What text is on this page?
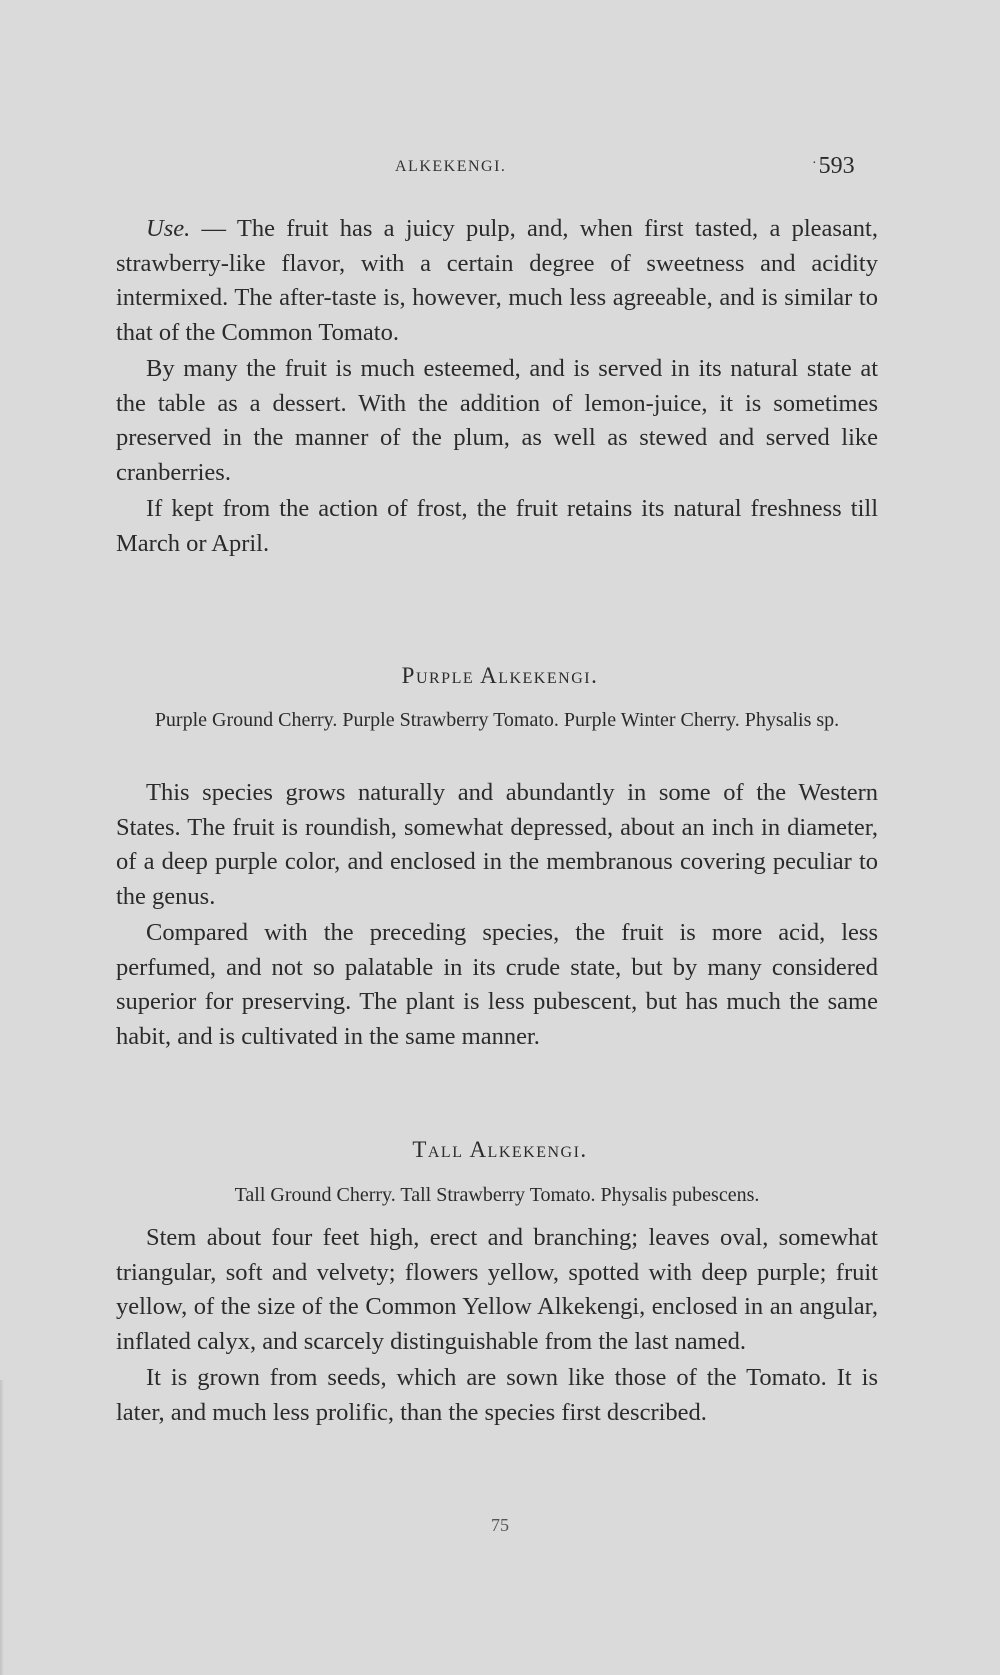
ALKEKENGI.	·593

Use. — The fruit has a juicy pulp, and, when first tasted, a pleasant, strawberry-like flavor, with a certain degree of sweetness and acidity intermixed. The after-taste is, however, much less agreeable, and is similar to that of the Common Tomato.

By many the fruit is much esteemed, and is served in its natural state at the table as a dessert. With the addition of lemon-juice, it is sometimes preserved in the manner of the plum, as well as stewed and served like cranberries.

If kept from the action of frost, the fruit retains its natural freshness till March or April.

Purple Alkekengi.
Purple Ground Cherry. Purple Strawberry Tomato. Purple Winter Cherry. Physalis sp.

This species grows naturally and abundantly in some of the Western States. The fruit is roundish, somewhat depressed, about an inch in diameter, of a deep purple color, and enclosed in the membranous covering peculiar to the genus.

Compared with the preceding species, the fruit is more acid, less perfumed, and not so palatable in its crude state, but by many considered superior for preserving. The plant is less pubescent, but has much the same habit, and is cultivated in the same manner.

Tall Alkekengi.
Tall Ground Cherry. Tall Strawberry Tomato. Physalis pubescens.

Stem about four feet high, erect and branching; leaves oval, somewhat triangular, soft and velvety; flowers yellow, spotted with deep purple; fruit yellow, of the size of the Common Yellow Alkekengi, enclosed in an angular, inflated calyx, and scarcely distinguishable from the last named.

It is grown from seeds, which are sown like those of the Tomato. It is later, and much less prolific, than the species first described.

75
